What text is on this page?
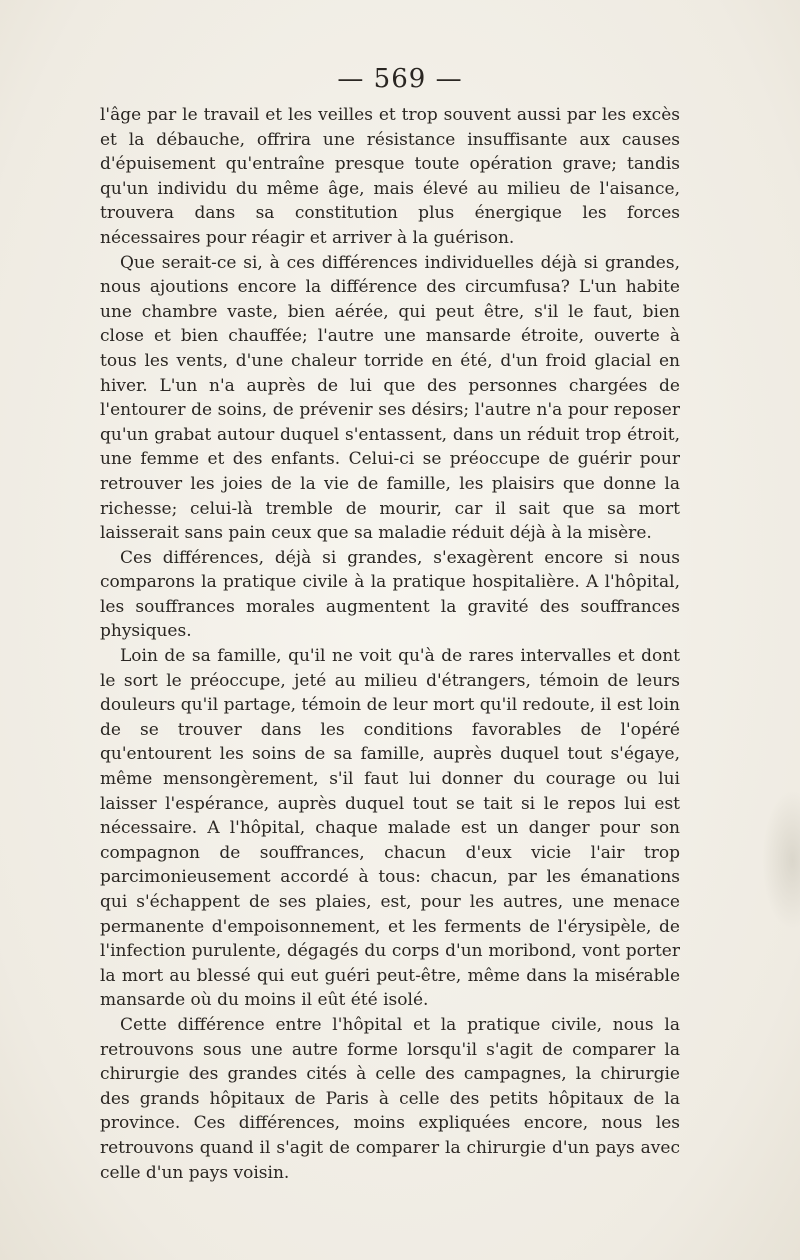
— 569 —

l'âge par le travail et les veilles et trop souvent aussi par les excès et la débauche, offrira une résistance insuffisante aux causes d'épuisement qu'entraîne presque toute opération grave; tandis qu'un individu du même âge, mais élevé au milieu de l'aisance, trouvera dans sa constitution plus énergique les forces nécessaires pour réagir et arriver à la guérison.

Que serait-ce si, à ces différences individuelles déjà si grandes, nous ajoutions encore la différence des circumfusa? L'un habite une chambre vaste, bien aérée, qui peut être, s'il le faut, bien close et bien chauffée; l'autre une mansarde étroite, ouverte à tous les vents, d'une chaleur torride en été, d'un froid glacial en hiver. L'un n'a auprès de lui que des personnes chargées de l'entourer de soins, de prévenir ses désirs; l'autre n'a pour reposer qu'un grabat autour duquel s'entassent, dans un réduit trop étroit, une femme et des enfants. Celui-ci se préoccupe de guérir pour retrouver les joies de la vie de famille, les plaisirs que donne la richesse; celui-là tremble de mourir, car il sait que sa mort laisserait sans pain ceux que sa maladie réduit déjà à la misère.

Ces différences, déjà si grandes, s'exagèrent encore si nous comparons la pratique civile à la pratique hospitalière. A l'hôpital, les souffrances morales augmentent la gravité des souffrances physiques.

Loin de sa famille, qu'il ne voit qu'à de rares intervalles et dont le sort le préoccupe, jeté au milieu d'étrangers, témoin de leurs douleurs qu'il partage, témoin de leur mort qu'il redoute, il est loin de se trouver dans les conditions favorables de l'opéré qu'entourent les soins de sa famille, auprès duquel tout s'égaye, même mensongèrement, s'il faut lui donner du courage ou lui laisser l'espérance, auprès duquel tout se tait si le repos lui est nécessaire. A l'hôpital, chaque malade est un danger pour son compagnon de souffrances, chacun d'eux vicie l'air trop parcimonieusement accordé à tous: chacun, par les émanations qui s'échappent de ses plaies, est, pour les autres, une menace permanente d'empoisonnement, et les ferments de l'érysipèle, de l'infection purulente, dégagés du corps d'un moribond, vont porter la mort au blessé qui eut guéri peut-être, même dans la misérable mansarde où du moins il eût été isolé.

Cette différence entre l'hôpital et la pratique civile, nous la retrouvons sous une autre forme lorsqu'il s'agit de comparer la chirurgie des grandes cités à celle des campagnes, la chirurgie des grands hôpitaux de Paris à celle des petits hôpitaux de la province. Ces différences, moins expliquées encore, nous les retrouvons quand il s'agit de comparer la chirurgie d'un pays avec celle d'un pays voisin.
